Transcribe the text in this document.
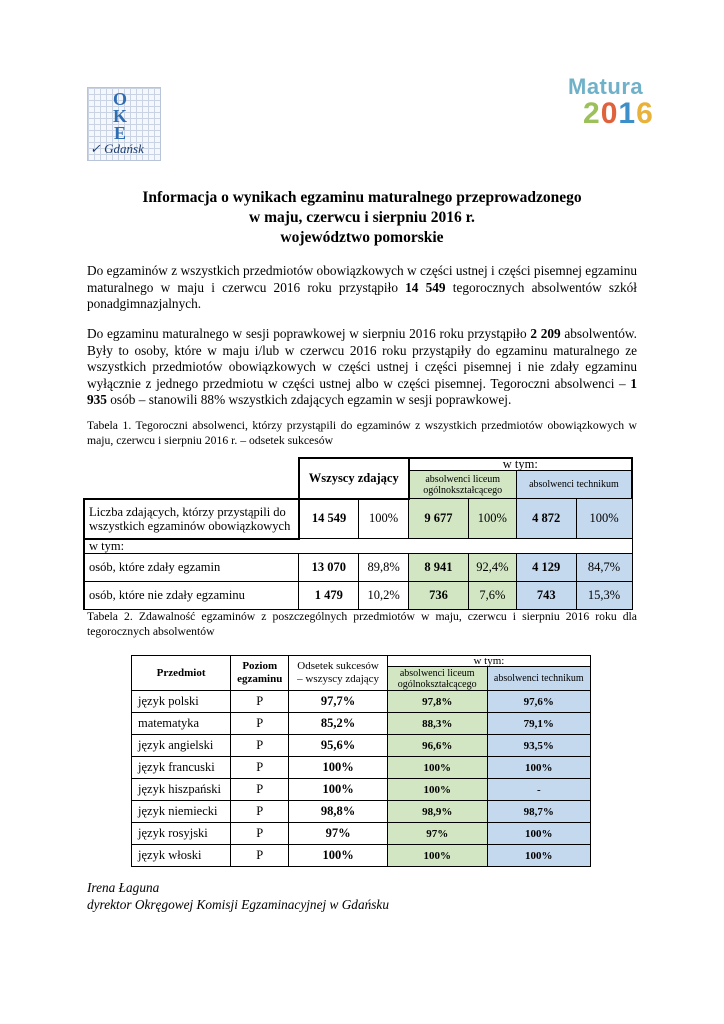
O
K
E
✓ Gdańsk
Matura
2016
Informacja o wynikach egzaminu maturalnego przeprowadzonego
w maju, czerwcu i sierpniu 2016 r.
województwo pomorskie
Do egzaminów z wszystkich przedmiotów obowiązkowych w części ustnej i części pisemnej egzaminu maturalnego w maju i czerwcu 2016 roku przystąpiło 14 549 tegorocznych absolwentów szkół ponadgimnazjalnych.
Do egzaminu maturalnego w sesji poprawkowej w sierpniu 2016 roku przystąpiło 2 209 absolwentów. Były to osoby, które w maju i/lub w czerwcu 2016 roku przystąpiły do egzaminu maturalnego ze wszystkich przedmiotów obowiązkowych w części ustnej i części pisemnej i nie zdały egzaminu wyłącznie z jednego przedmiotu w części ustnej albo w części pisemnej. Tegoroczni absolwenci – 1 935 osób – stanowili 88% wszystkich zdających egzamin w sesji poprawkowej.
Tabela 1. Tegoroczni absolwenci, którzy przystąpili do egzaminów z wszystkich przedmiotów obowiązkowych w maju, czerwcu i sierpniu 2016 r. – odsetek sukcesów
	Wszyscy zdający		w tym:			
			absolwenci liceum ogólnokształcącego		absolwenci technikum	
Liczba zdających, którzy przystąpili do wszystkich egzaminów obowiązkowych	14 549	100%	9 677	100%	4 872	100%
w tym:						
osób, które zdały egzamin	13 070	89,8%	8 941	92,4%	4 129	84,7%
osób, które nie zdały egzaminu	1 479	10,2%	736	7,6%	743	15,3%
Tabela 2. Zdawalność egzaminów z poszczególnych przedmiotów w maju, czerwcu i sierpniu 2016 roku dla tegorocznych absolwentów
Przedmiot	Poziom egzaminu	Odsetek sukcesów – wszyscy zdający	w tym:	
			absolwenci liceum ogólnokształcącego	absolwenci technikum
język polski	P	97,7%	97,8%	97,6%
matematyka	P	85,2%	88,3%	79,1%
język angielski	P	95,6%	96,6%	93,5%
język francuski	P	100%	100%	100%
język hiszpański	P	100%	100%	-
język niemiecki	P	98,8%	98,9%	98,7%
język rosyjski	P	97%	97%	100%
język włoski	P	100%	100%	100%
Irena Łaguna
dyrektor Okręgowej Komisji Egzaminacyjnej w Gdańsku
